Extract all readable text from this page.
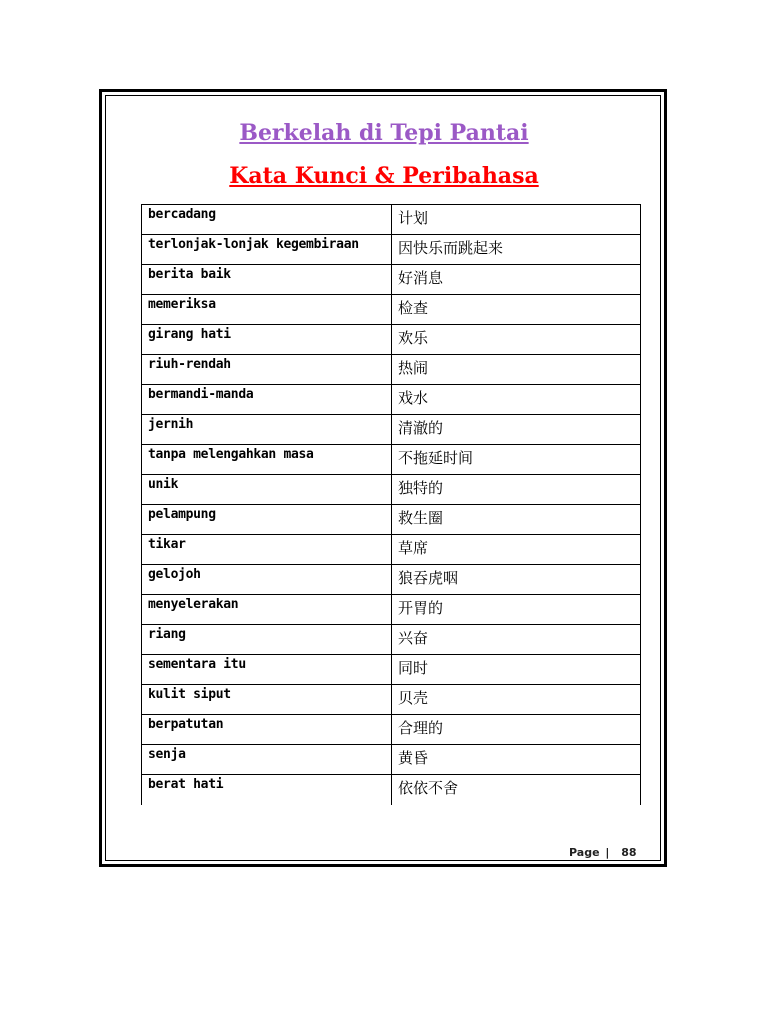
Berkelah di Tepi Pantai
Kata Kunci & Peribahasa
bercadang	计划
terlonjak-lonjak kegembiraan	因快乐而跳起来
berita baik	好消息
memeriksa	检查
girang hati	欢乐
riuh-rendah	热闹
bermandi-manda	戏水
jernih	清澈的
tanpa melengahkan masa	不拖延时间
unik	独特的
pelampung	救生圈
tikar	草席
gelojoh	狼吞虎咽
menyelerakan	开胃的
riang	兴奋
sementara itu	同时
kulit siput	贝壳
berpatutan	合理的
senja	黄昏
berat hati	依依不舍
Page | 88
